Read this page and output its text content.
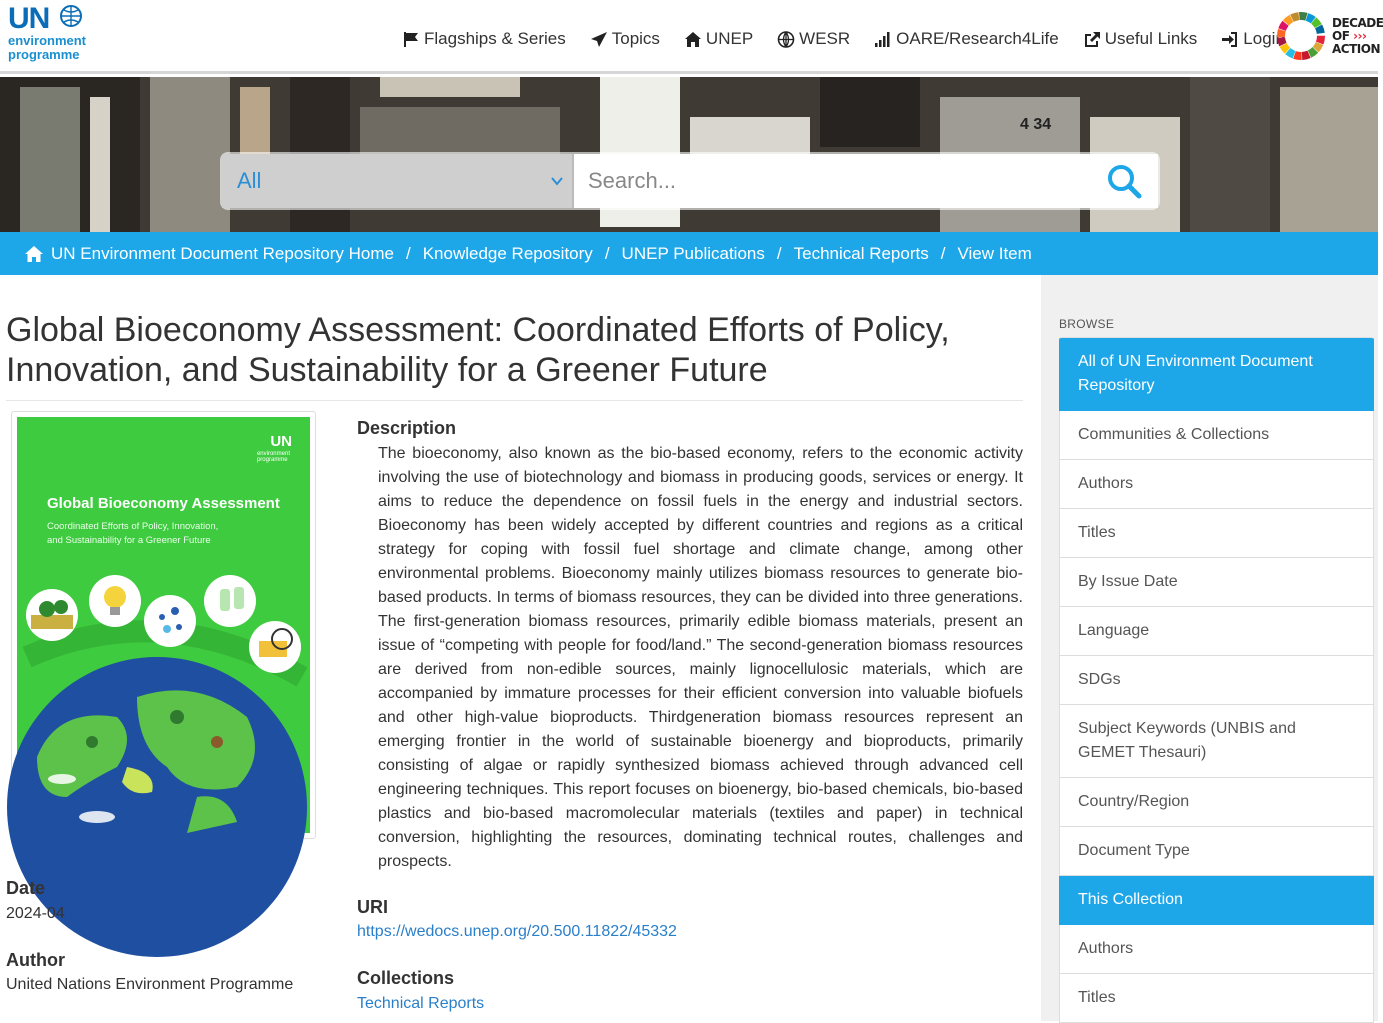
UN
environment
programme
Flagships & Series	Topics	UNEP	WESR	OARE/Research4Life	Useful Links	Login
DECADE
OF ›››
ACTION
4 34
All
Search...
UN Environment Document Repository Home / Knowledge Repository / UNEP Publications / Technical Reports / View Item
Global Bioeconomy Assessment: Coordinated Efforts of Policy, Innovation, and Sustainability for a Greener Future
UN
environment
programme
Global Bioeconomy Assessment
Coordinated Efforts of Policy, Innovation,
and Sustainability for a Greener Future
Description
The bioeconomy, also known as the bio-based economy, refers to the economic activity involving the use of biotechnology and biomass in producing goods, services or energy. It aims to reduce the dependence on fossil fuels in the energy and industrial sectors. Bioeconomy has been widely accepted by different countries and regions as a critical strategy for coping with fossil fuel shortage and climate change, among other environmental problems. Bioeconomy mainly utilizes biomass resources to generate bio-based products. In terms of biomass resources, they can be divided into three generations. The first-generation biomass resources, primarily edible biomass materials, present an issue of “competing with people for food/land.” The second-generation biomass resources are derived from non-edible sources, mainly lignocellulosic materials, which are accompanied by immature processes for their efficient conversion into valuable biofuels and other high-value bioproducts. Thirdgeneration biomass resources represent an emerging frontier in the world of sustainable bioenergy and bioproducts, primarily consisting of algae or rapidly synthesized biomass achieved through advanced cell engineering techniques. This report focuses on bioenergy, bio-based chemicals, bio-based plastics and bio-based macromolecular materials (textiles and paper) in technical conversion, highlighting the resources, dominating technical routes, challenges and prospects.
Date
2024-04
Author
United Nations Environment Programme
URI
https://wedocs.unep.org/20.500.11822/45332
Collections
Technical Reports
BROWSE
All of UN Environment Document Repository
Communities & Collections
Authors
Titles
By Issue Date
Language
SDGs
Subject Keywords (UNBIS and GEMET Thesauri)
Country/Region
Document Type
This Collection
Authors
Titles
